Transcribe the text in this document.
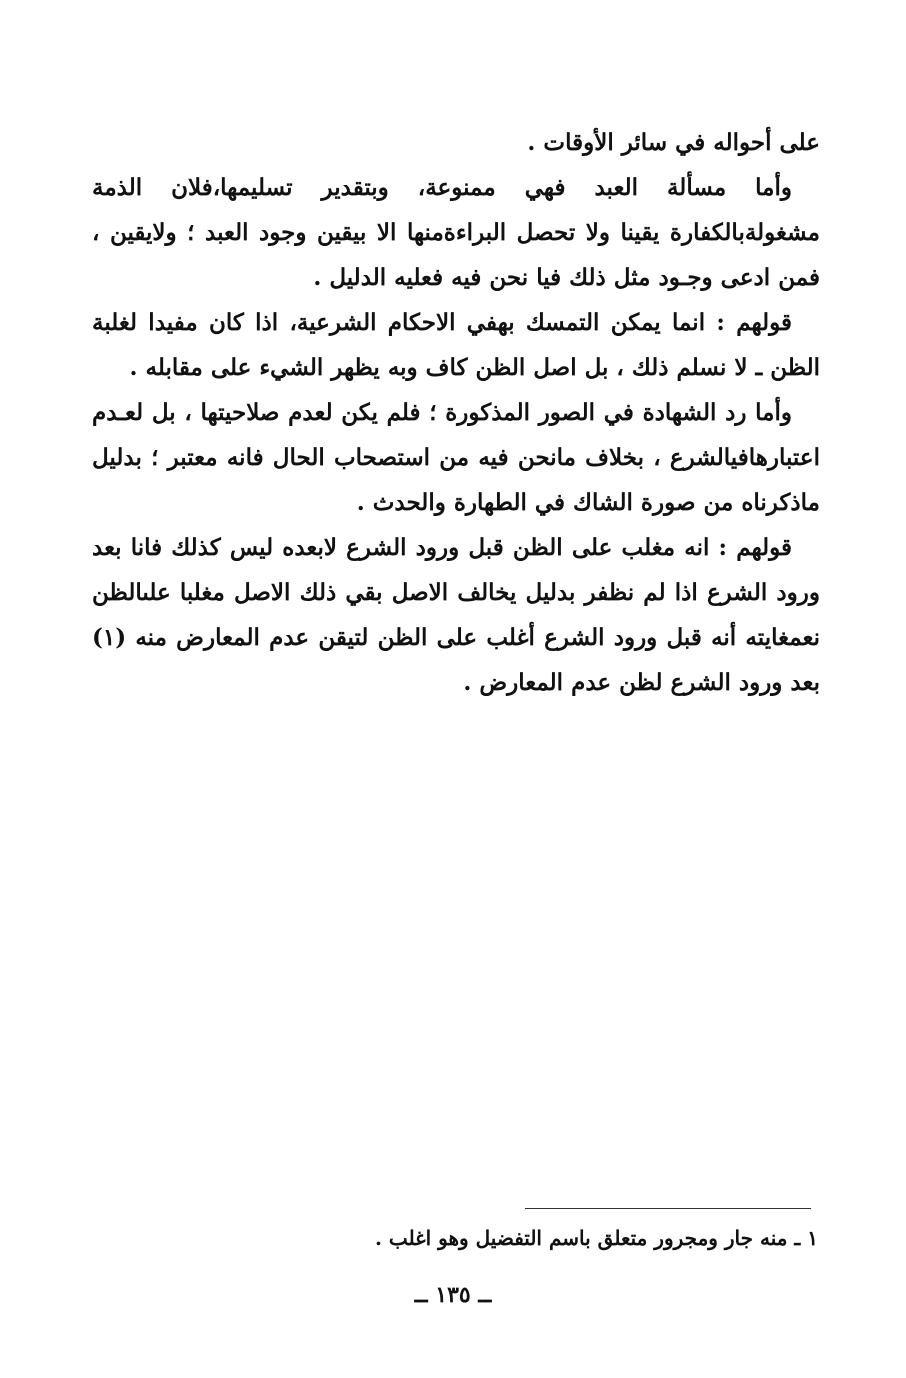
على أحواله في سائر الأوقات .

وأما مسألة العبد فهي ممنوعة، وبتقدير تسليمها،فلان الذمة مشغولةبالكفارة يقينا ولا تحصل البراءةمنها الا بيقين وجود العبد ؛ ولايقين ، فمن ادعى وجـود مثل ذلك فيا نحن فيه فعليه الدليل .

قولهم : انما يمكن التمسك بهفي الاحكام الشرعية، اذا كان مفيدا لغلبة الظن ـ لا نسلم ذلك ، بل اصل الظن كاف وبه يظهر الشيء على مقابله .

وأما رد الشهادة في الصور المذكورة ؛ فلم يكن لعدم صلاحيتها ، بل لعـدم اعتبارهافيالشرع ، بخلاف مانحن فيه من استصحاب الحال فانه معتبر ؛ بدليل ماذكرناه من صورة الشاك في الطهارة والحدث .

قولهم : انه مغلب على الظن قبل ورود الشرع لابعده ليس كذلك فانا بعد ورود الشرع اذا لم نظفر بدليل يخالف الاصل بقي ذلك الاصل مغلبا علىالظن نعمغايته أنه قبل ورود الشرع أغلب على الظن لتيقن عدم المعارض منه (١) بعد ورود الشرع لظن عدم المعارض .

١ ـ منه جار ومجرور متعلق باسم التفضيل وهو اغلب .
ــ ١٣٥ ــ
